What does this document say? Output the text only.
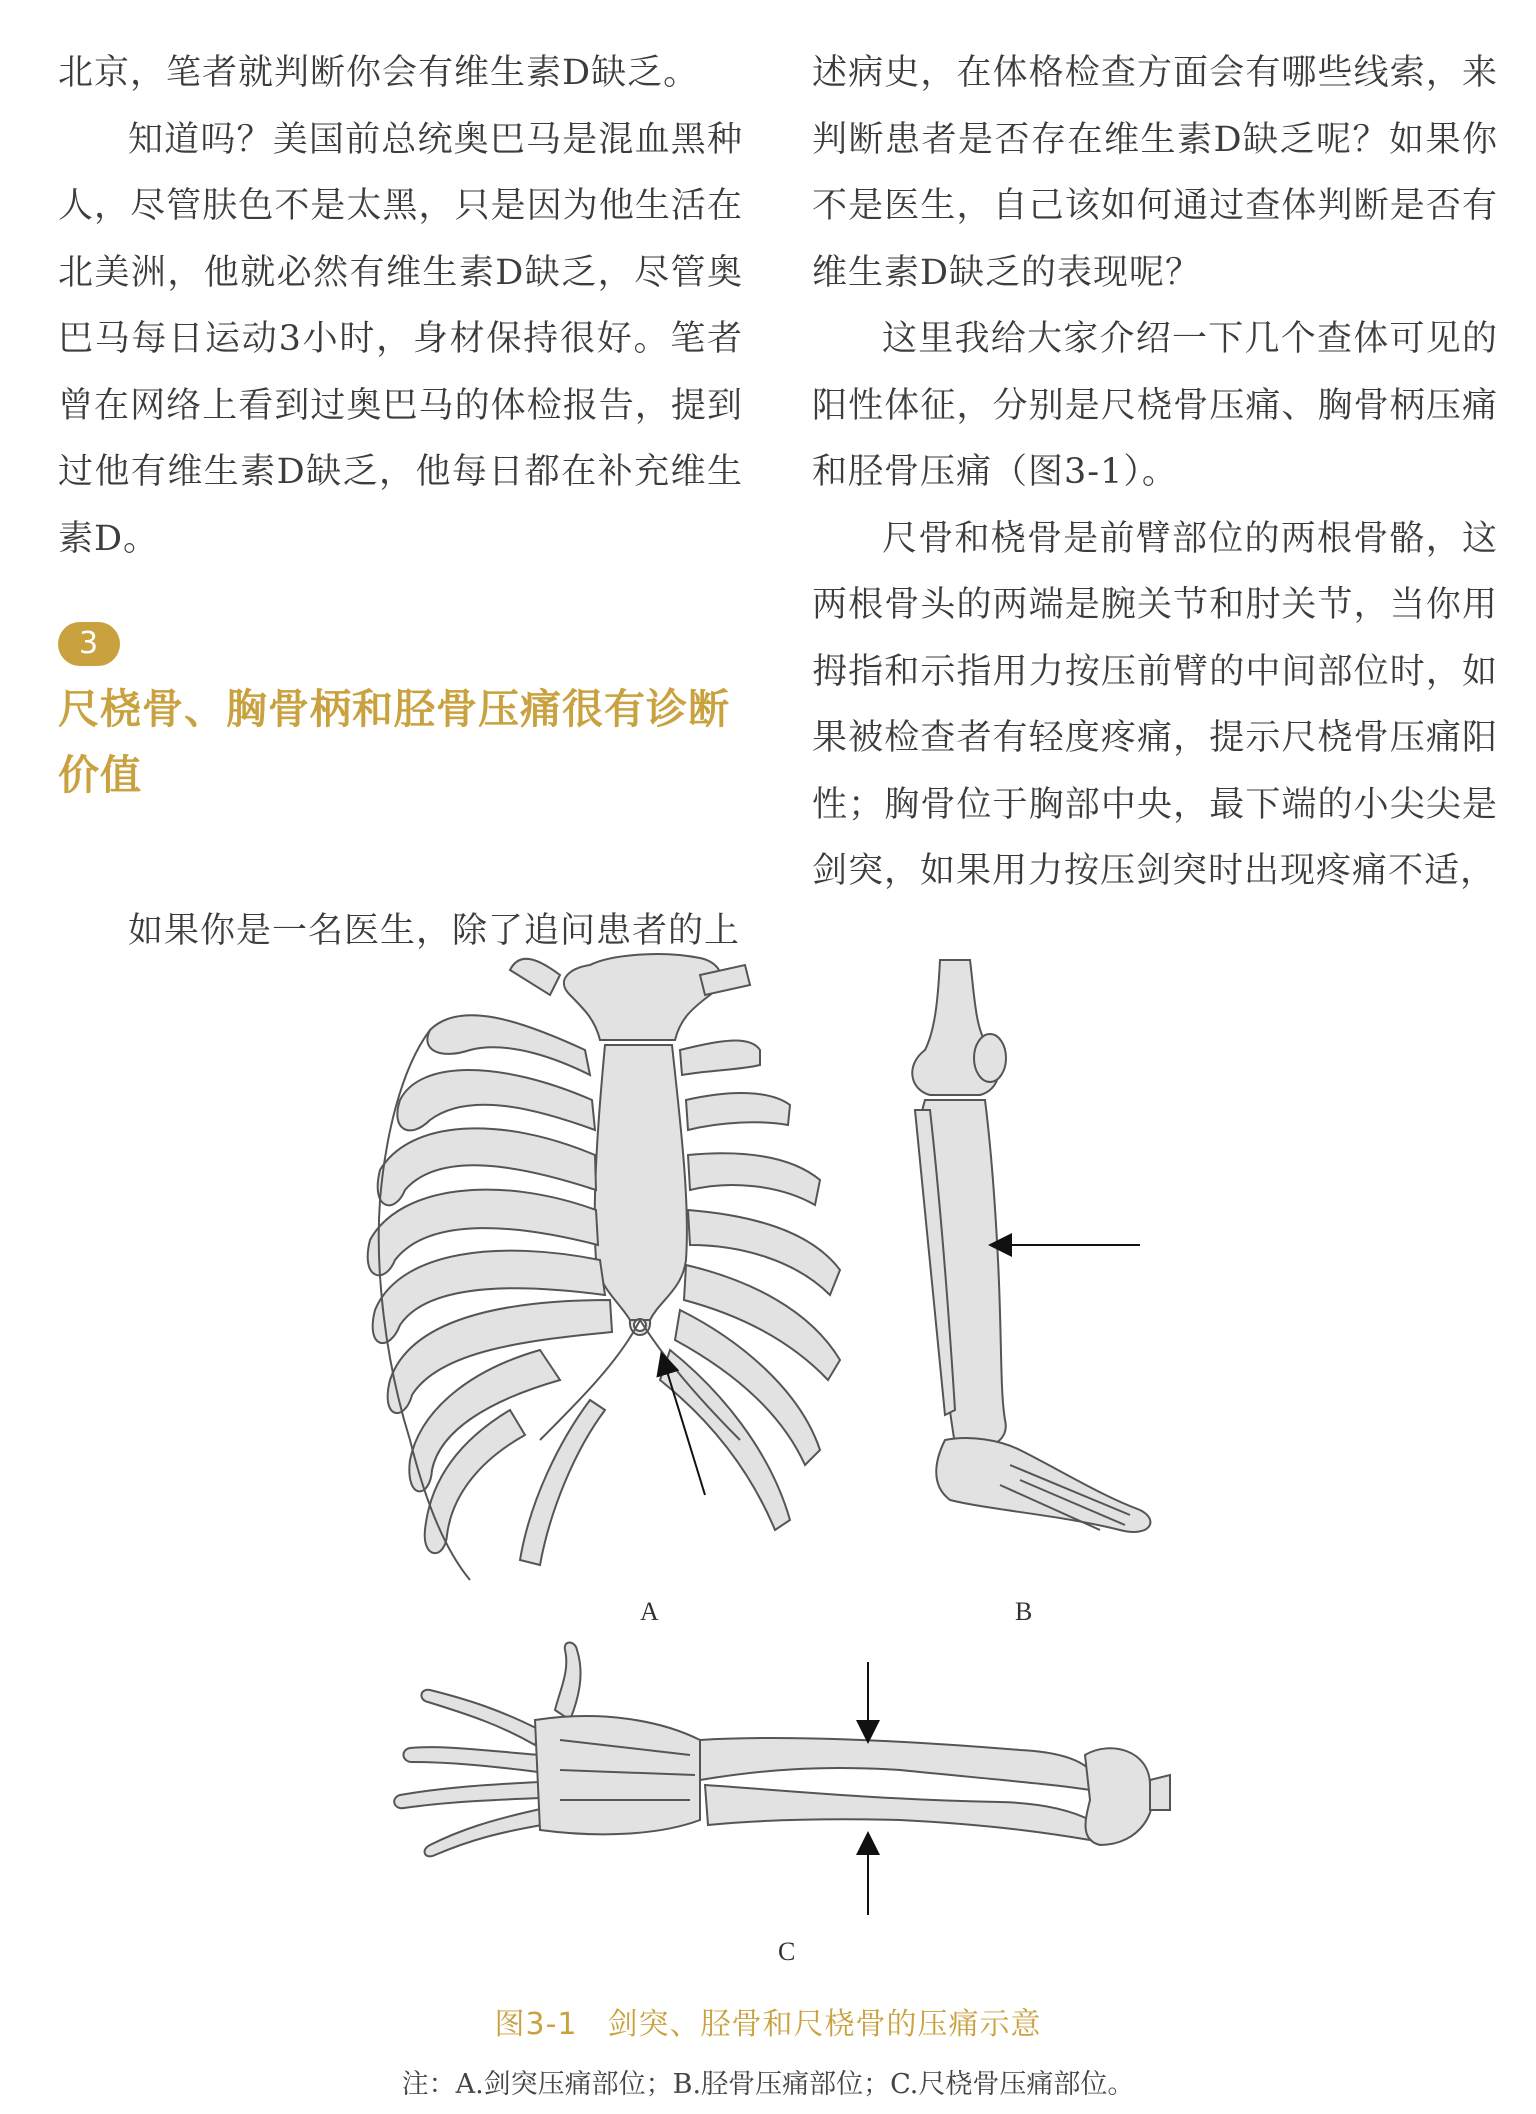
北京，笔者就判断你会有维生素D缺乏。

知道吗？美国前总统奥巴马是混血黑种人，尽管肤色不是太黑，只是因为他生活在北美洲，他就必然有维生素D缺乏，尽管奥巴马每日运动3小时，身材保持很好。笔者曾在网络上看到过奥巴马的体检报告，提到过他有维生素D缺乏，他每日都在补充维生素D。

3
尺桡骨、胸骨柄和胫骨压痛很有诊断价值

如果你是一名医生，除了追问患者的上

述病史，在体格检查方面会有哪些线索，来判断患者是否存在维生素D缺乏呢？如果你不是医生，自己该如何通过查体判断是否有维生素D缺乏的表现呢？

这里我给大家介绍一下几个查体可见的阳性体征，分别是尺桡骨压痛、胸骨柄压痛和胫骨压痛（图3-1）。

尺骨和桡骨是前臂部位的两根骨骼，这两根骨头的两端是腕关节和肘关节，当你用拇指和示指用力按压前臂的中间部位时，如果被检查者有轻度疼痛，提示尺桡骨压痛阳性；胸骨位于胸部中央，最下端的小尖尖是剑突，如果用力按压剑突时出现疼痛不适，

A	B
C
图3-1 剑突、胫骨和尺桡骨的压痛示意
注：A.剑突压痛部位；B.胫骨压痛部位；C.尺桡骨压痛部位。
